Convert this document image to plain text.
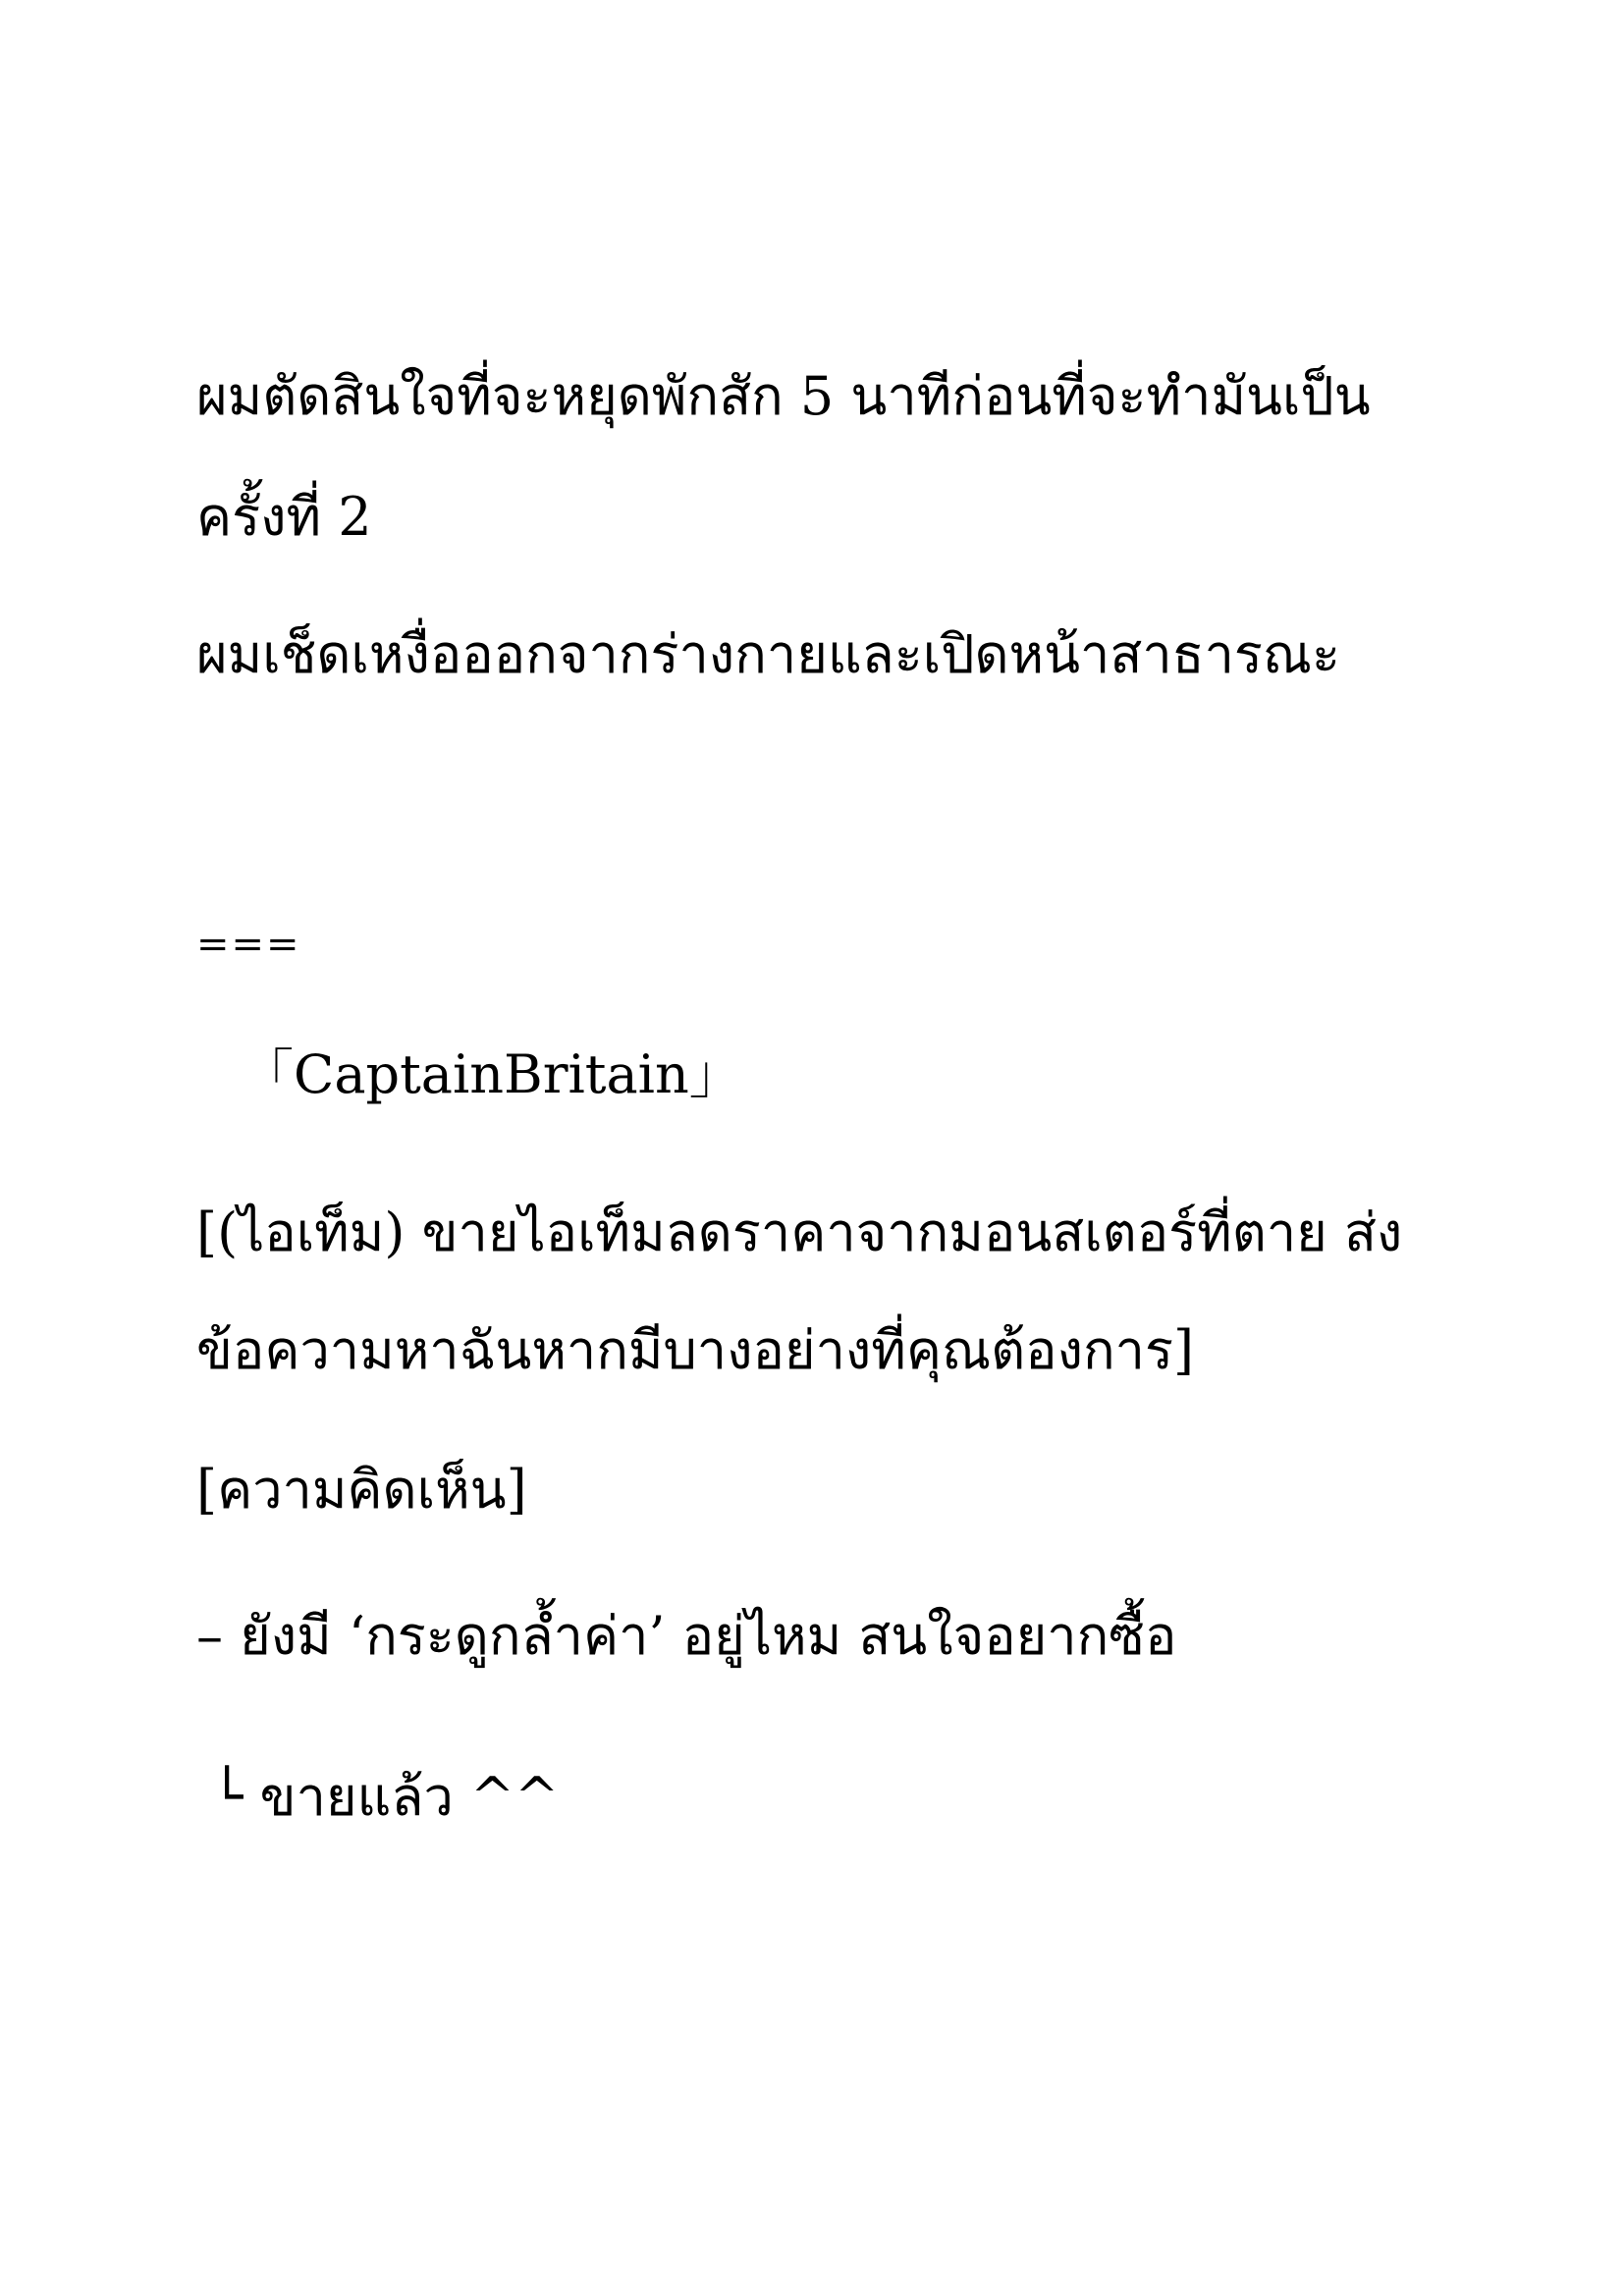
ผมตัดสินใจที่จะหยุดพักสัก 5 นาทีก่อนที่จะทำมันเป็น
ครั้งที่ 2
ผมเช็ดเหงื่อออกจากร่างกายและเปิดหน้าสาธารณะ
===
「CaptainBritain」
[(ไอเท็ม) ขายไอเท็มลดราคาจากมอนสเตอร์ที่ตาย ส่ง
ข้อความหาฉันหากมีบางอย่างที่คุณต้องการ]
[ความคิดเห็น]
– ยังมี ‘กระดูกล้ำค่า’ อยู่ไหม สนใจอยากซื้อ
└ ขายแล้ว ^^
